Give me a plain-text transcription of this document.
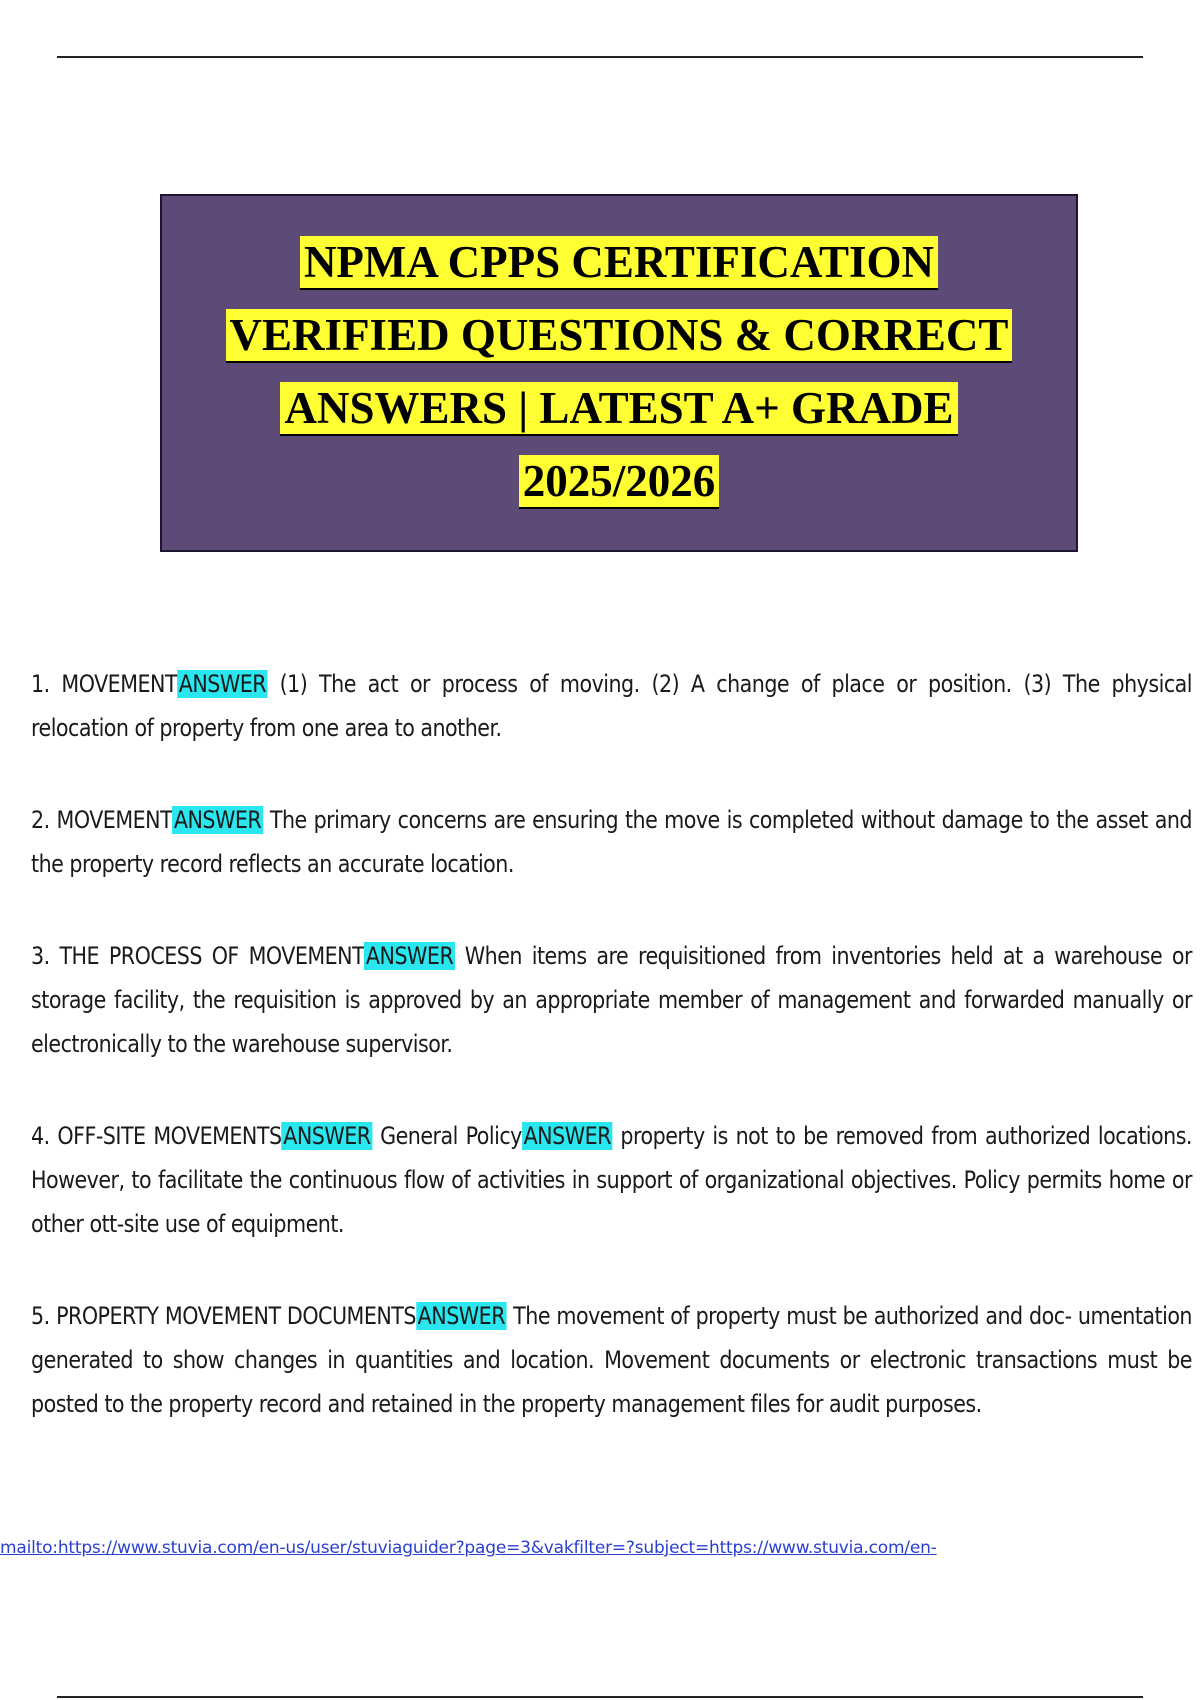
NPMA CPPS CERTIFICATION
VERIFIED QUESTIONS & CORRECT
ANSWERS | LATEST A+ GRADE
2025/2026

1. MOVEMENTANSWER (1) The act or process of moving. (2) A change of place or position. (3) The physical relocation of property from one area to another.

2. MOVEMENTANSWER The primary concerns are ensuring the move is completed without damage to the asset and the property record reflects an accurate location.

3. THE PROCESS OF MOVEMENTANSWER When items are requisitioned from inventories held at a warehouse or storage facility, the requisition is approved by an appropriate member of management and forwarded manually or electronically to the warehouse supervisor.

4. OFF-SITE MOVEMENTSANSWER General PolicyANSWER property is not to be removed from authorized locations. However, to facilitate the continuous flow of activities in support of organizational objectives. Policy permits home or other ott-site use of equipment.

5. PROPERTY MOVEMENT DOCUMENTSANSWER The movement of property must be authorized and doc- umentation generated to show changes in quantities and location. Movement documents or electronic transactions must be posted to the property record and retained in the property management files for audit purposes.

mailto:https://www.stuvia.com/en-us/user/stuviaguider?page=3&vakfilter=?subject=https://www.stuvia.com/en-
